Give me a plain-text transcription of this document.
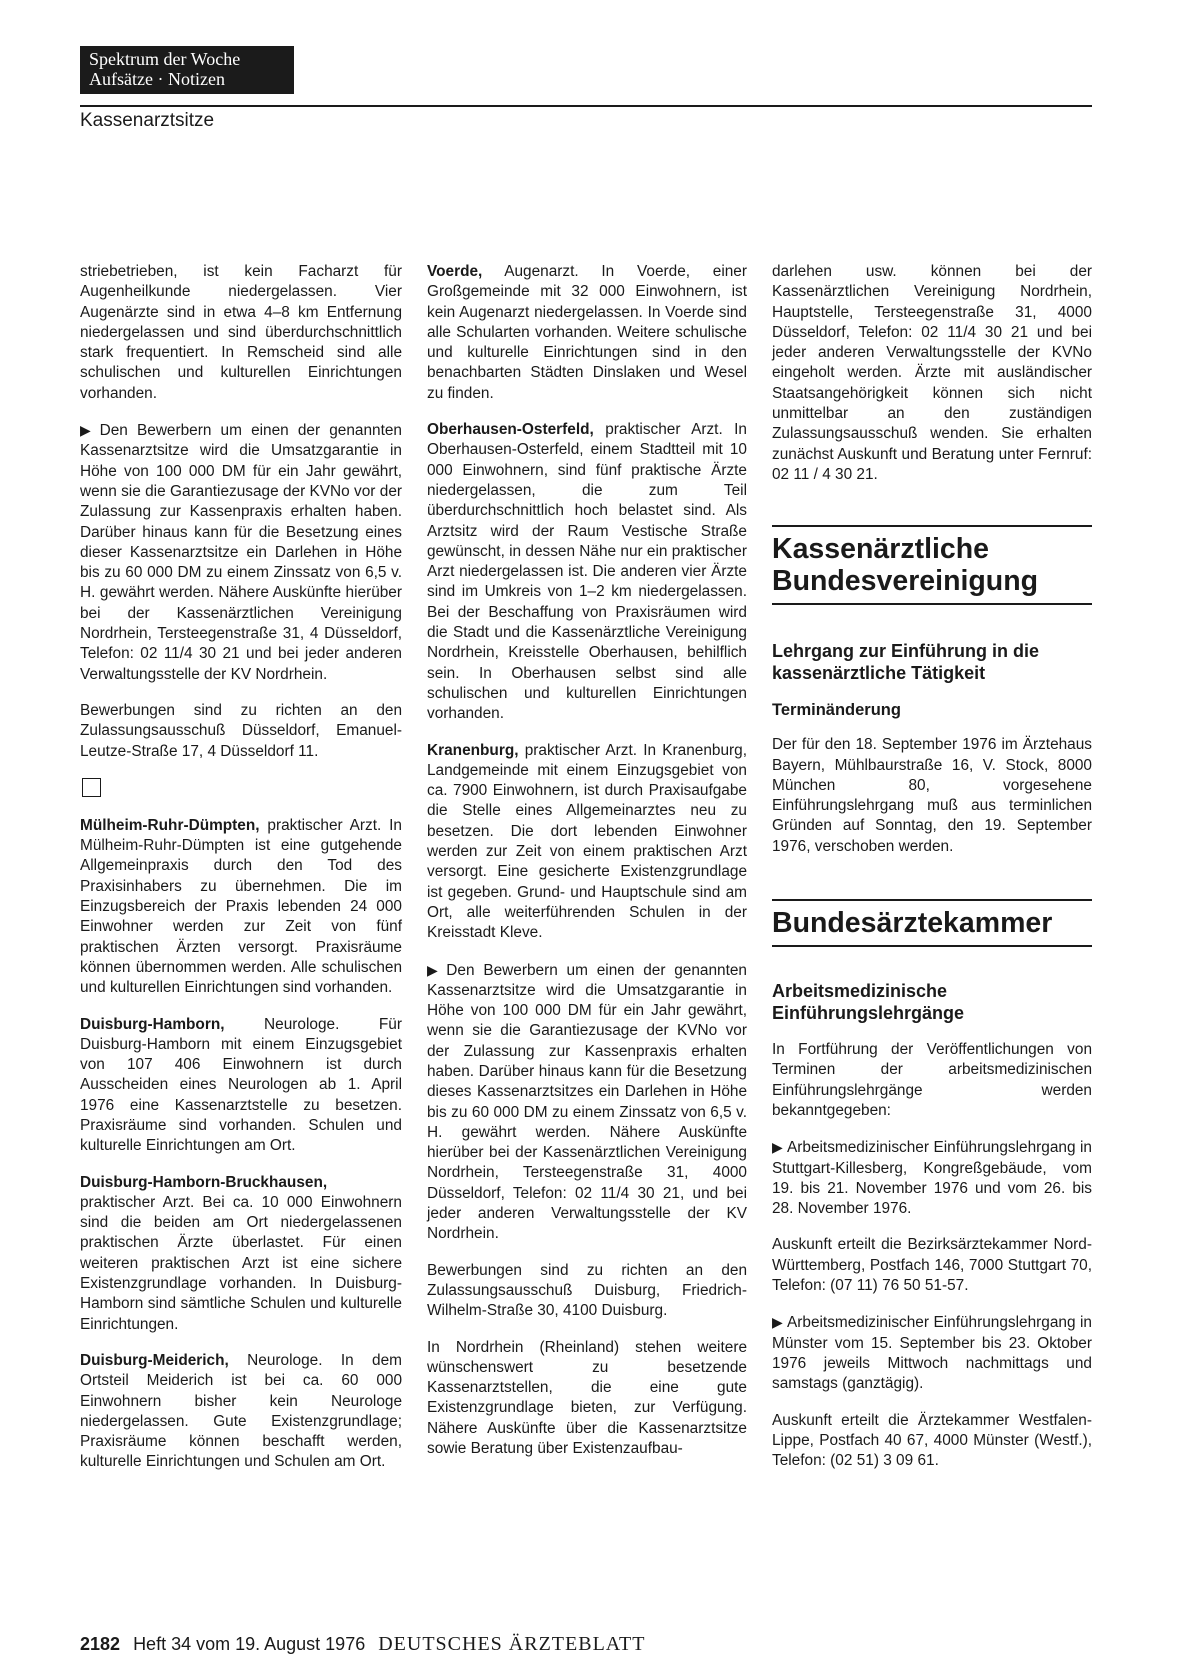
Spektrum der Woche
Aufsätze · Notizen
Kassenarztsitze

striebetrieben, ist kein Facharzt für Augenheilkunde niedergelassen. Vier Augenärzte sind in etwa 4–8 km Entfernung niedergelassen und sind überdurchschnittlich stark frequentiert. In Remscheid sind alle schulischen und kulturellen Einrichtungen vorhanden.

▶ Den Bewerbern um einen der genannten Kassenarztsitze wird die Umsatzgarantie in Höhe von 100 000 DM für ein Jahr gewährt, wenn sie die Garantiezusage der KVNo vor der Zulassung zur Kassenpraxis erhalten haben. Darüber hinaus kann für die Besetzung eines dieser Kassenarztsitze ein Darlehen in Höhe bis zu 60 000 DM zu einem Zinssatz von 6,5 v. H. gewährt werden. Nähere Auskünfte hierüber bei der Kassenärztlichen Vereinigung Nordrhein, Tersteegenstraße 31, 4 Düsseldorf, Telefon: 02 11/4 30 21 und bei jeder anderen Verwaltungsstelle der KV Nordrhein.

Bewerbungen sind zu richten an den Zulassungsausschuß Düsseldorf, Emanuel-Leutze-Straße 17, 4 Düsseldorf 11.

Mülheim-Ruhr-Dümpten, praktischer Arzt. In Mülheim-Ruhr-Dümpten ist eine gutgehende Allgemeinpraxis durch den Tod des Praxisinhabers zu übernehmen. Die im Einzugsbereich der Praxis lebenden 24 000 Einwohner werden zur Zeit von fünf praktischen Ärzten versorgt. Praxisräume können übernommen werden. Alle schulischen und kulturellen Einrichtungen sind vorhanden.

Duisburg-Hamborn, Neurologe. Für Duisburg-Hamborn mit einem Einzugsgebiet von 107 406 Einwohnern ist durch Ausscheiden eines Neurologen ab 1. April 1976 eine Kassenarztstelle zu besetzen. Praxisräume sind vorhanden. Schulen und kulturelle Einrichtungen am Ort.

Duisburg-Hamborn-Bruckhausen, praktischer Arzt. Bei ca. 10 000 Einwohnern sind die beiden am Ort niedergelassenen praktischen Ärzte überlastet. Für einen weiteren praktischen Arzt ist eine sichere Existenzgrundlage vorhanden. In Duisburg-Hamborn sind sämtliche Schulen und kulturelle Einrichtungen.

Duisburg-Meiderich, Neurologe. In dem Ortsteil Meiderich ist bei ca. 60 000 Einwohnern bisher kein Neurologe niedergelassen. Gute Existenzgrundlage; Praxisräume können beschafft werden, kulturelle Einrichtungen und Schulen am Ort.

Voerde, Augenarzt. In Voerde, einer Großgemeinde mit 32 000 Einwohnern, ist kein Augenarzt niedergelassen. In Voerde sind alle Schularten vorhanden. Weitere schulische und kulturelle Einrichtungen sind in den benachbarten Städten Dinslaken und Wesel zu finden.

Oberhausen-Osterfeld, praktischer Arzt. In Oberhausen-Osterfeld, einem Stadtteil mit 10 000 Einwohnern, sind fünf praktische Ärzte niedergelassen, die zum Teil überdurchschnittlich hoch belastet sind. Als Arztsitz wird der Raum Vestische Straße gewünscht, in dessen Nähe nur ein praktischer Arzt niedergelassen ist. Die anderen vier Ärzte sind im Umkreis von 1–2 km niedergelassen. Bei der Beschaffung von Praxisräumen wird die Stadt und die Kassenärztliche Vereinigung Nordrhein, Kreisstelle Oberhausen, behilflich sein. In Oberhausen selbst sind alle schulischen und kulturellen Einrichtungen vorhanden.

Kranenburg, praktischer Arzt. In Kranenburg, Landgemeinde mit einem Einzugsgebiet von ca. 7900 Einwohnern, ist durch Praxisaufgabe die Stelle eines Allgemeinarztes neu zu besetzen. Die dort lebenden Einwohner werden zur Zeit von einem praktischen Arzt versorgt. Eine gesicherte Existenzgrundlage ist gegeben. Grund- und Hauptschule sind am Ort, alle weiterführenden Schulen in der Kreisstadt Kleve.

▶ Den Bewerbern um einen der genannten Kassenarztsitze wird die Umsatzgarantie in Höhe von 100 000 DM für ein Jahr gewährt, wenn sie die Garantiezusage der KVNo vor der Zulassung zur Kassenpraxis erhalten haben. Darüber hinaus kann für die Besetzung dieses Kassenarztsitzes ein Darlehen in Höhe bis zu 60 000 DM zu einem Zinssatz von 6,5 v. H. gewährt werden. Nähere Auskünfte hierüber bei der Kassenärztlichen Vereinigung Nordrhein, Tersteegenstraße 31, 4000 Düsseldorf, Telefon: 02 11/4 30 21, und bei jeder anderen Verwaltungsstelle der KV Nordrhein.

Bewerbungen sind zu richten an den Zulassungsausschuß Duisburg, Friedrich-Wilhelm-Straße 30, 4100 Duisburg.

In Nordrhein (Rheinland) stehen weitere wünschenswert zu besetzende Kassenarztstellen, die eine gute Existenzgrundlage bieten, zur Verfügung. Nähere Auskünfte über die Kassenarztsitze sowie Beratung über Existenzaufbau-

darlehen usw. können bei der Kassenärztlichen Vereinigung Nordrhein, Hauptstelle, Tersteegenstraße 31, 4000 Düsseldorf, Telefon: 02 11/4 30 21 und bei jeder anderen Verwaltungsstelle der KVNo eingeholt werden. Ärzte mit ausländischer Staatsangehörigkeit können sich nicht unmittelbar an den zuständigen Zulassungsausschuß wenden. Sie erhalten zunächst Auskunft und Beratung unter Fernruf: 02 11 / 4 30 21.

Kassenärztliche Bundesvereinigung
Lehrgang zur Einführung in die kassenärztliche Tätigkeit
Terminänderung

Der für den 18. September 1976 im Ärztehaus Bayern, Mühlbaurstraße 16, V. Stock, 8000 München 80, vorgesehene Einführungslehrgang muß aus terminlichen Gründen auf Sonntag, den 19. September 1976, verschoben werden.

Bundesärztekammer
Arbeitsmedizinische Einführungslehrgänge

In Fortführung der Veröffentlichungen von Terminen der arbeitsmedizinischen Einführungslehrgänge werden bekanntgegeben:

▶ Arbeitsmedizinischer Einführungslehrgang in Stuttgart-Killesberg, Kongreßgebäude, vom 19. bis 21. November 1976 und vom 26. bis 28. November 1976.

Auskunft erteilt die Bezirksärztekammer Nord-Württemberg, Postfach 146, 7000 Stuttgart 70, Telefon: (07 11) 76 50 51-57.

▶ Arbeitsmedizinischer Einführungslehrgang in Münster vom 15. September bis 23. Oktober 1976 jeweils Mittwoch nachmittags und samstags (ganztägig).

Auskunft erteilt die Ärztekammer Westfalen-Lippe, Postfach 40 67, 4000 Münster (Westf.), Telefon: (02 51) 3 09 61.

2182 Heft 34 vom 19. August 1976 DEUTSCHES ÄRZTEBLATT
